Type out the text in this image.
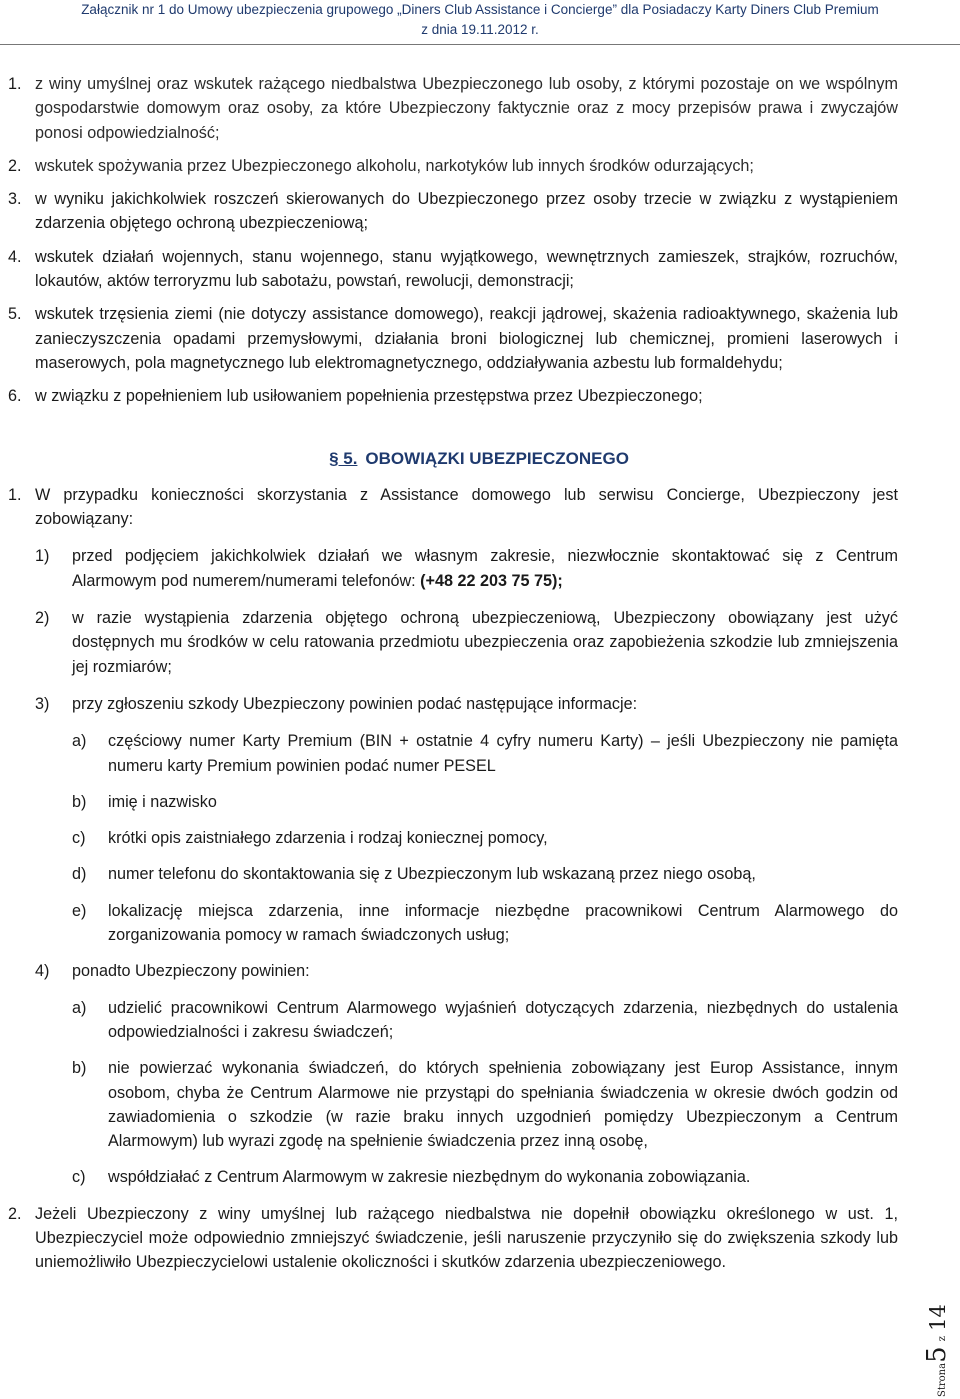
Załącznik nr 1 do Umowy ubezpieczenia grupowego „Diners Club Assistance i Concierge” dla Posiadaczy Karty Diners Club Premium
z dnia 19.11.2012 r.
1. z winy umyślnej oraz wskutek rażącego niedbalstwa Ubezpieczonego lub osoby, z którymi pozostaje on we wspólnym gospodarstwie domowym oraz osoby, za które Ubezpieczony faktycznie oraz z mocy przepisów prawa i zwyczajów ponosi odpowiedzialność;
2. wskutek spożywania przez Ubezpieczonego alkoholu, narkotyków lub innych środków odurzających;
3. w wyniku jakichkolwiek roszczeń skierowanych do Ubezpieczonego przez osoby trzecie w związku z wystąpieniem zdarzenia objętego ochroną ubezpieczeniową;
4. wskutek działań wojennych, stanu wojennego, stanu wyjątkowego, wewnętrznych zamieszek, strajków, rozruchów, lokautów, aktów terroryzmu lub sabotażu, powstań, rewolucji, demonstracji;
5. wskutek trzęsienia ziemi (nie dotyczy assistance domowego), reakcji jądrowej, skażenia radioaktywnego, skażenia lub zanieczyszczenia opadami przemysłowymi, działania broni biologicznej lub chemicznej, promieni laserowych i maserowych, pola magnetycznego lub elektromagnetycznego, oddziaływania azbestu lub formaldehydu;
6. w związku z popełnieniem lub usiłowaniem popełnienia przestępstwa przez Ubezpieczonego;
§ 5. OBOWIĄZKI UBEZPIECZONEGO
1. W przypadku konieczności skorzystania z Assistance domowego lub serwisu Concierge, Ubezpieczony jest zobowiązany:
1) przed podjęciem jakichkolwiek działań we własnym zakresie, niezwłocznie skontaktować się z Centrum Alarmowym pod numerem/numerami telefonów: (+48 22 203 75 75);
2) w razie wystąpienia zdarzenia objętego ochroną ubezpieczeniową, Ubezpieczony obowiązany jest użyć dostępnych mu środków w celu ratowania przedmiotu ubezpieczenia oraz zapobieżenia szkodzie lub zmniejszenia jej rozmiarów;
3) przy zgłoszeniu szkody Ubezpieczony powinien podać następujące informacje:
a) częściowy numer Karty Premium (BIN + ostatnie 4 cyfry numeru Karty) – jeśli Ubezpieczony nie pamięta numeru karty Premium powinien podać numer PESEL
b) imię i nazwisko
c) krótki opis zaistniałego zdarzenia i rodzaj koniecznej pomocy,
d) numer telefonu do skontaktowania się z Ubezpieczonym lub wskazaną przez niego osobą,
e) lokalizację miejsca zdarzenia, inne informacje niezbędne pracownikowi Centrum Alarmowego do zorganizowania pomocy w ramach świadczonych usług;
4) ponadto Ubezpieczony powinien:
a) udzielić pracownikowi Centrum Alarmowego wyjaśnień dotyczących zdarzenia, niezbędnych do ustalenia odpowiedzialności i zakresu świadczeń;
b) nie powierzać wykonania świadczeń, do których spełnienia zobowiązany jest Europ Assistance, innym osobom, chyba że Centrum Alarmowe nie przystąpi do spełniania świadczenia w okresie dwóch godzin od zawiadomienia o szkodzie (w razie braku innych uzgodnień pomiędzy Ubezpieczonym a Centrum Alarmowym) lub wyrazi zgodę na spełnienie świadczenia przez inną osobę,
c) współdziałać z Centrum Alarmowym w zakresie niezbędnym do wykonania zobowiązania.
2. Jeżeli Ubezpieczony z winy umyślnej lub rażącego niedbalstwa nie dopełnił obowiązku określonego w ust. 1, Ubezpieczyciel może odpowiednio zmniejszyć świadczenie, jeśli naruszenie przyczyniło się do zwiększenia szkody lub uniemożliwiło Ubezpieczycielowi ustalenie okoliczności i skutków zdarzenia ubezpieczeniowego.
Strona5 z 14
